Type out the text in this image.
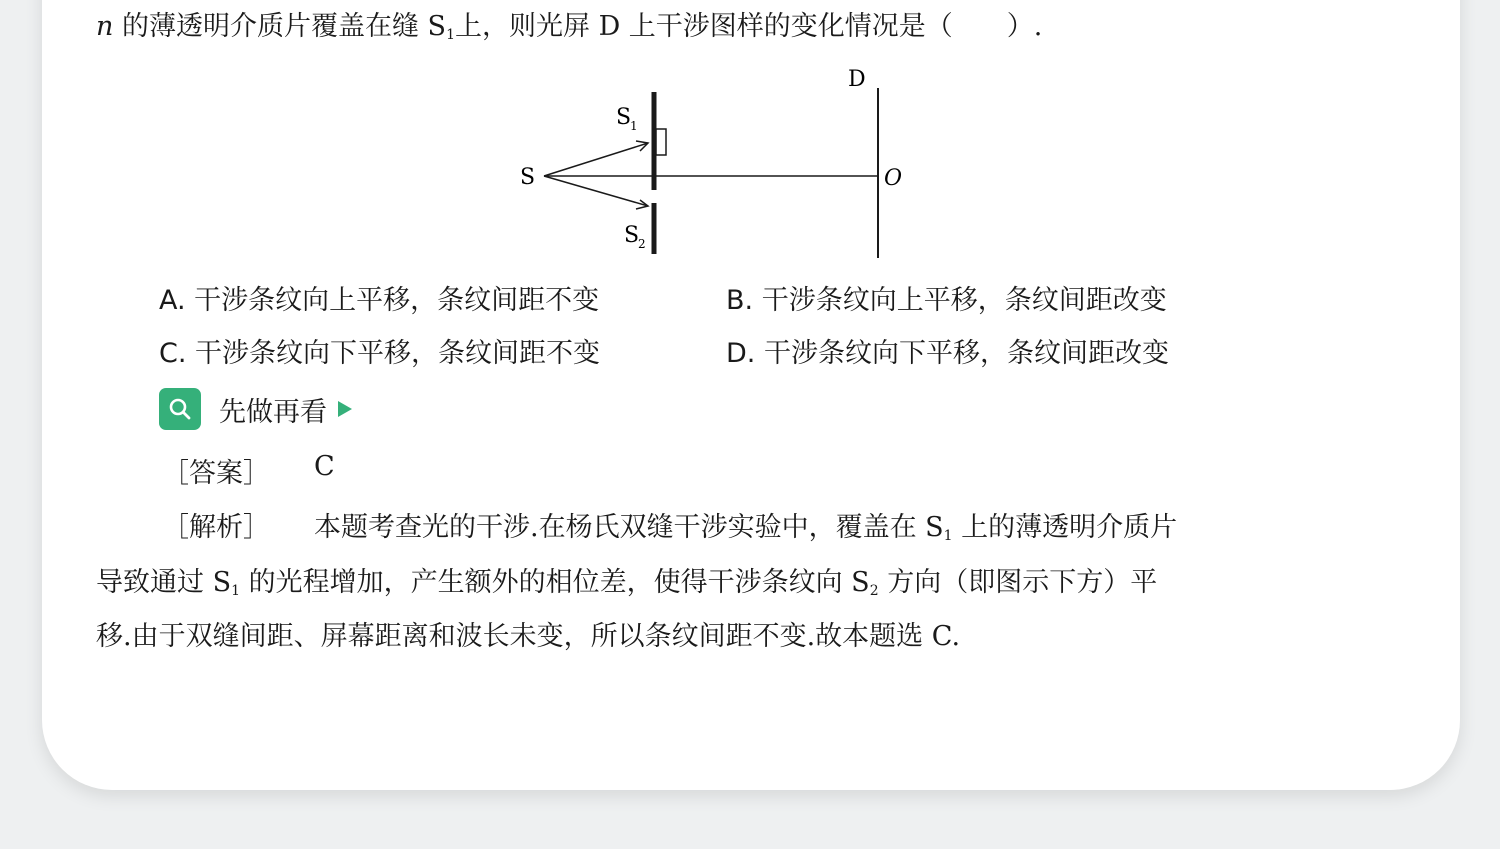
n 的薄透明介质片覆盖在缝 $S_1$上，则光屏 D 上干涉图样的变化情况是（　　）.
D
S
S
1
S
2
O
A. 干涉条纹向上平移，条纹间距不变	B. 干涉条纹向上平移，条纹间距改变
C. 干涉条纹向下平移，条纹间距不变	D. 干涉条纹向下平移，条纹间距改变
先做再看
［答案］ C
［解析］ 本题考查光的干涉.在杨氏双缝干涉实验中，覆盖在 $S_1$ 上的薄透明介质片
导致通过 $S_1$ 的光程增加，产生额外的相位差，使得干涉条纹向 $S_2$ 方向（即图示下方）平
移.由于双缝间距、屏幕距离和波长未变，所以条纹间距不变.故本题选 C.
